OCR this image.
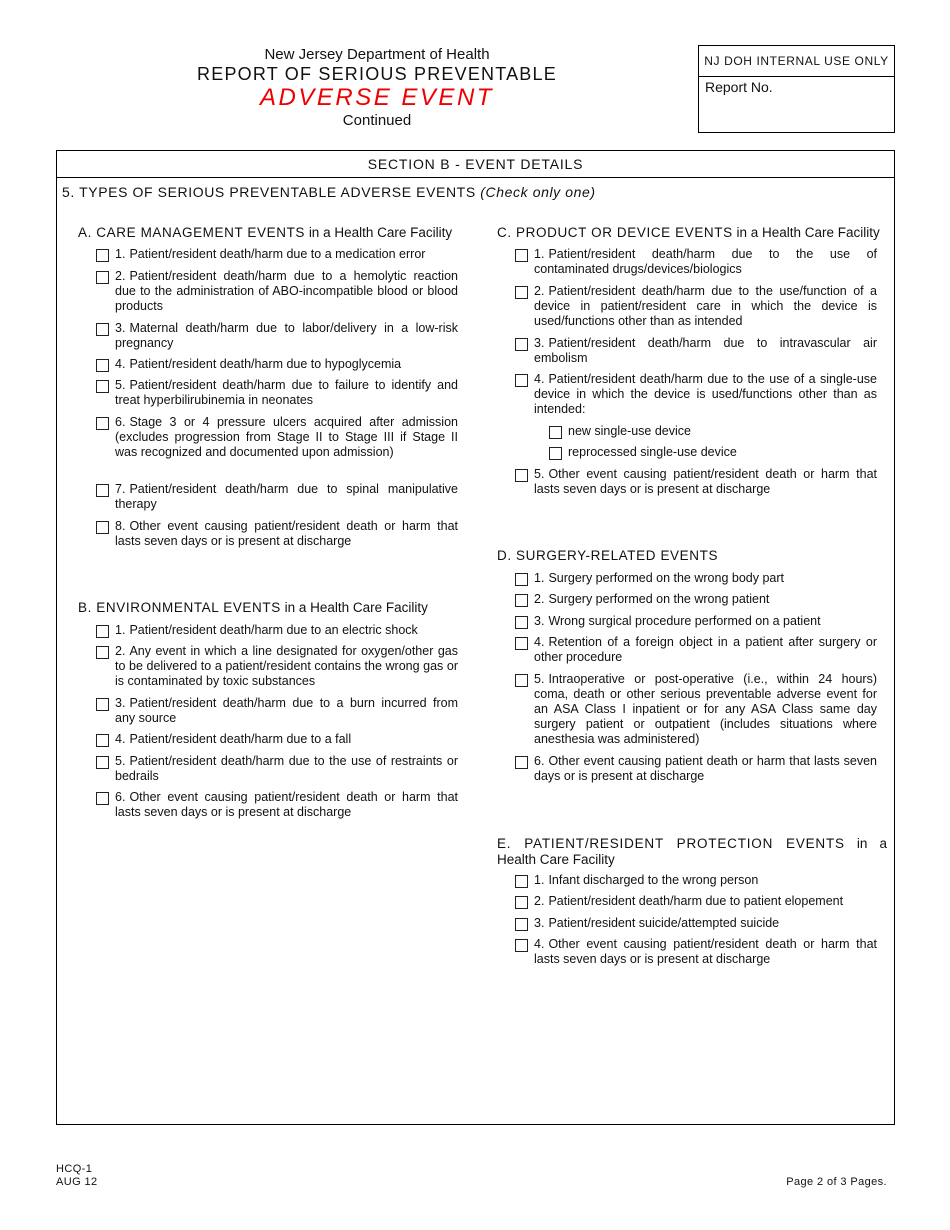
New Jersey Department of Health
REPORT OF SERIOUS PREVENTABLE
ADVERSE EVENT
Continued
NJ DOH INTERNAL USE ONLY
Report No.
SECTION B - EVENT DETAILS
5. TYPES OF SERIOUS PREVENTABLE ADVERSE EVENTS (Check only one)
A. CARE MANAGEMENT EVENTS in a Health Care Facility
1. Patient/resident death/harm due to a medication error
2. Patient/resident death/harm due to a hemolytic reaction due to the administration of ABO-incompatible blood or blood products
3. Maternal death/harm due to labor/delivery in a low-risk pregnancy
4. Patient/resident death/harm due to hypoglycemia
5. Patient/resident death/harm due to failure to identify and treat hyperbilirubinemia in neonates
6. Stage 3 or 4 pressure ulcers acquired after admission (excludes progression from Stage II to Stage III if Stage II was recognized and documented upon admission)
7. Patient/resident death/harm due to spinal manipulative therapy
8. Other event causing patient/resident death or harm that lasts seven days or is present at discharge
B. ENVIRONMENTAL EVENTS in a Health Care Facility
1. Patient/resident death/harm due to an electric shock
2. Any event in which a line designated for oxygen/other gas to be delivered to a patient/resident contains the wrong gas or is contaminated by toxic substances
3. Patient/resident death/harm due to a burn incurred from any source
4. Patient/resident death/harm due to a fall
5. Patient/resident death/harm due to the use of restraints or bedrails
6. Other event causing patient/resident death or harm that lasts seven days or is present at discharge
C. PRODUCT OR DEVICE EVENTS in a Health Care Facility
1. Patient/resident death/harm due to the use of contaminated drugs/devices/biologics
2. Patient/resident death/harm due to the use/function of a device in patient/resident care in which the device is used/functions other than as intended
3. Patient/resident death/harm due to intravascular air embolism
4. Patient/resident death/harm due to the use of a single-use device in which the device is used/functions other than as intended:
new single-use device
reprocessed single-use device
5. Other event causing patient/resident death or harm that lasts seven days or is present at discharge
D. SURGERY-RELATED EVENTS
1. Surgery performed on the wrong body part
2. Surgery performed on the wrong patient
3. Wrong surgical procedure performed on a patient
4. Retention of a foreign object in a patient after surgery or other procedure
5. Intraoperative or post-operative (i.e., within 24 hours) coma, death or other serious preventable adverse event for an ASA Class I inpatient or for any ASA Class same day surgery patient or outpatient (includes situations where anesthesia was administered)
6. Other event causing patient death or harm that lasts seven days or is present at discharge
E. PATIENT/RESIDENT PROTECTION EVENTS in a Health Care Facility
1. Infant discharged to the wrong person
2. Patient/resident death/harm due to patient elopement
3. Patient/resident suicide/attempted suicide
4. Other event causing patient/resident death or harm that lasts seven days or is present at discharge
HCQ-1
AUG 12	Page 2 of 3 Pages.
